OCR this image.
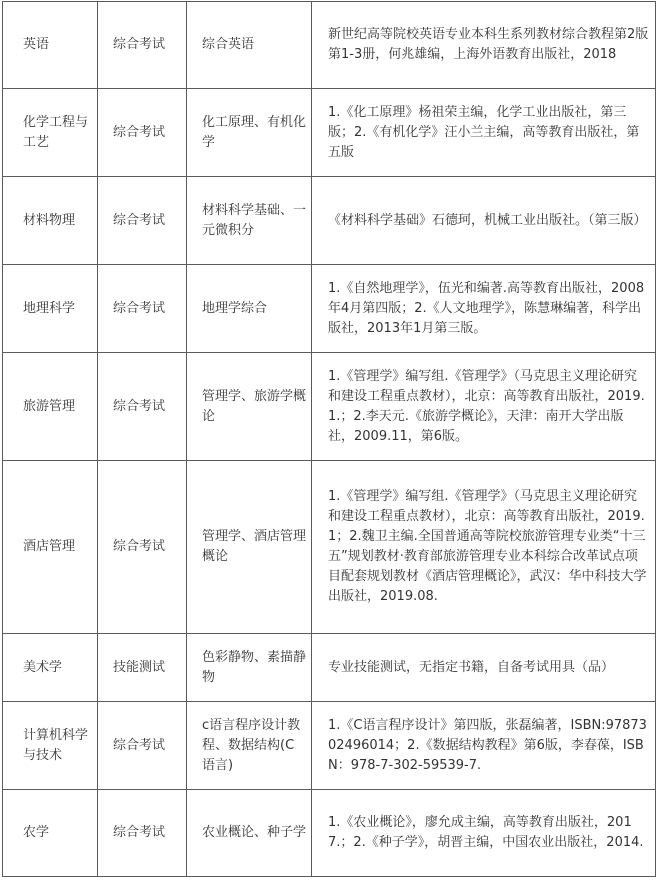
英语	综合考试	综合英语	新世纪高等院校英语专业本科生系列教材综合教程第2版第1-3册，何兆雄编，上海外语教育出版社，2018
化学工程与工艺	综合考试	化工原理、有机化学	1.《化工原理》杨祖荣主编，化学工业出版社，第三版；2.《有机化学》汪小兰主编，高等教育出版社，第五版
材料物理	综合考试	材料科学基础、一元微积分	《材料科学基础》石德珂，机械工业出版社。（第三版）
地理科学	综合考试	地理学综合	1.《自然地理学》，伍光和编著.高等教育出版社，2008年4月第四版；2.《人文地理学》，陈慧琳编著，科学出版社，2013年1月第三版。
旅游管理	综合考试	管理学、旅游学概论	1.《管理学》编写组.《管理学》（马克思主义理论研究和建设工程重点教材），北京：高等教育出版社，2019.1.；2.李天元.《旅游学概论》，天津：南开大学出版社，2009.11，第6版。
酒店管理	综合考试	管理学、酒店管理概论	1.《管理学》编写组.《管理学》（马克思主义理论研究和建设工程重点教材），北京：高等教育出版社，2019.1；2.魏卫主编.全国普通高等院校旅游管理专业类“十三五”规划教材·教育部旅游管理专业本科综合改革试点项目配套规划教材《酒店管理概论》，武汉：华中科技大学出版社，2019.08.
美术学	技能测试	色彩静物、素描静物	专业技能测试，无指定书籍，自备考试用具（品）
计算机科学与技术	综合考试	c语言程序设计教程、数据结构(C语言)	1.《C语言程序设计》第四版，张磊编著，ISBN:9787302496014；2.《数据结构教程》第6版，李春葆，ISBN：978-7-302-59539-7.
农学	综合考试	农业概论、种子学	1.《农业概论》，廖允成主编，高等教育出版社，2017.；2.《种子学》，胡晋主编，中国农业出版社，2014.
